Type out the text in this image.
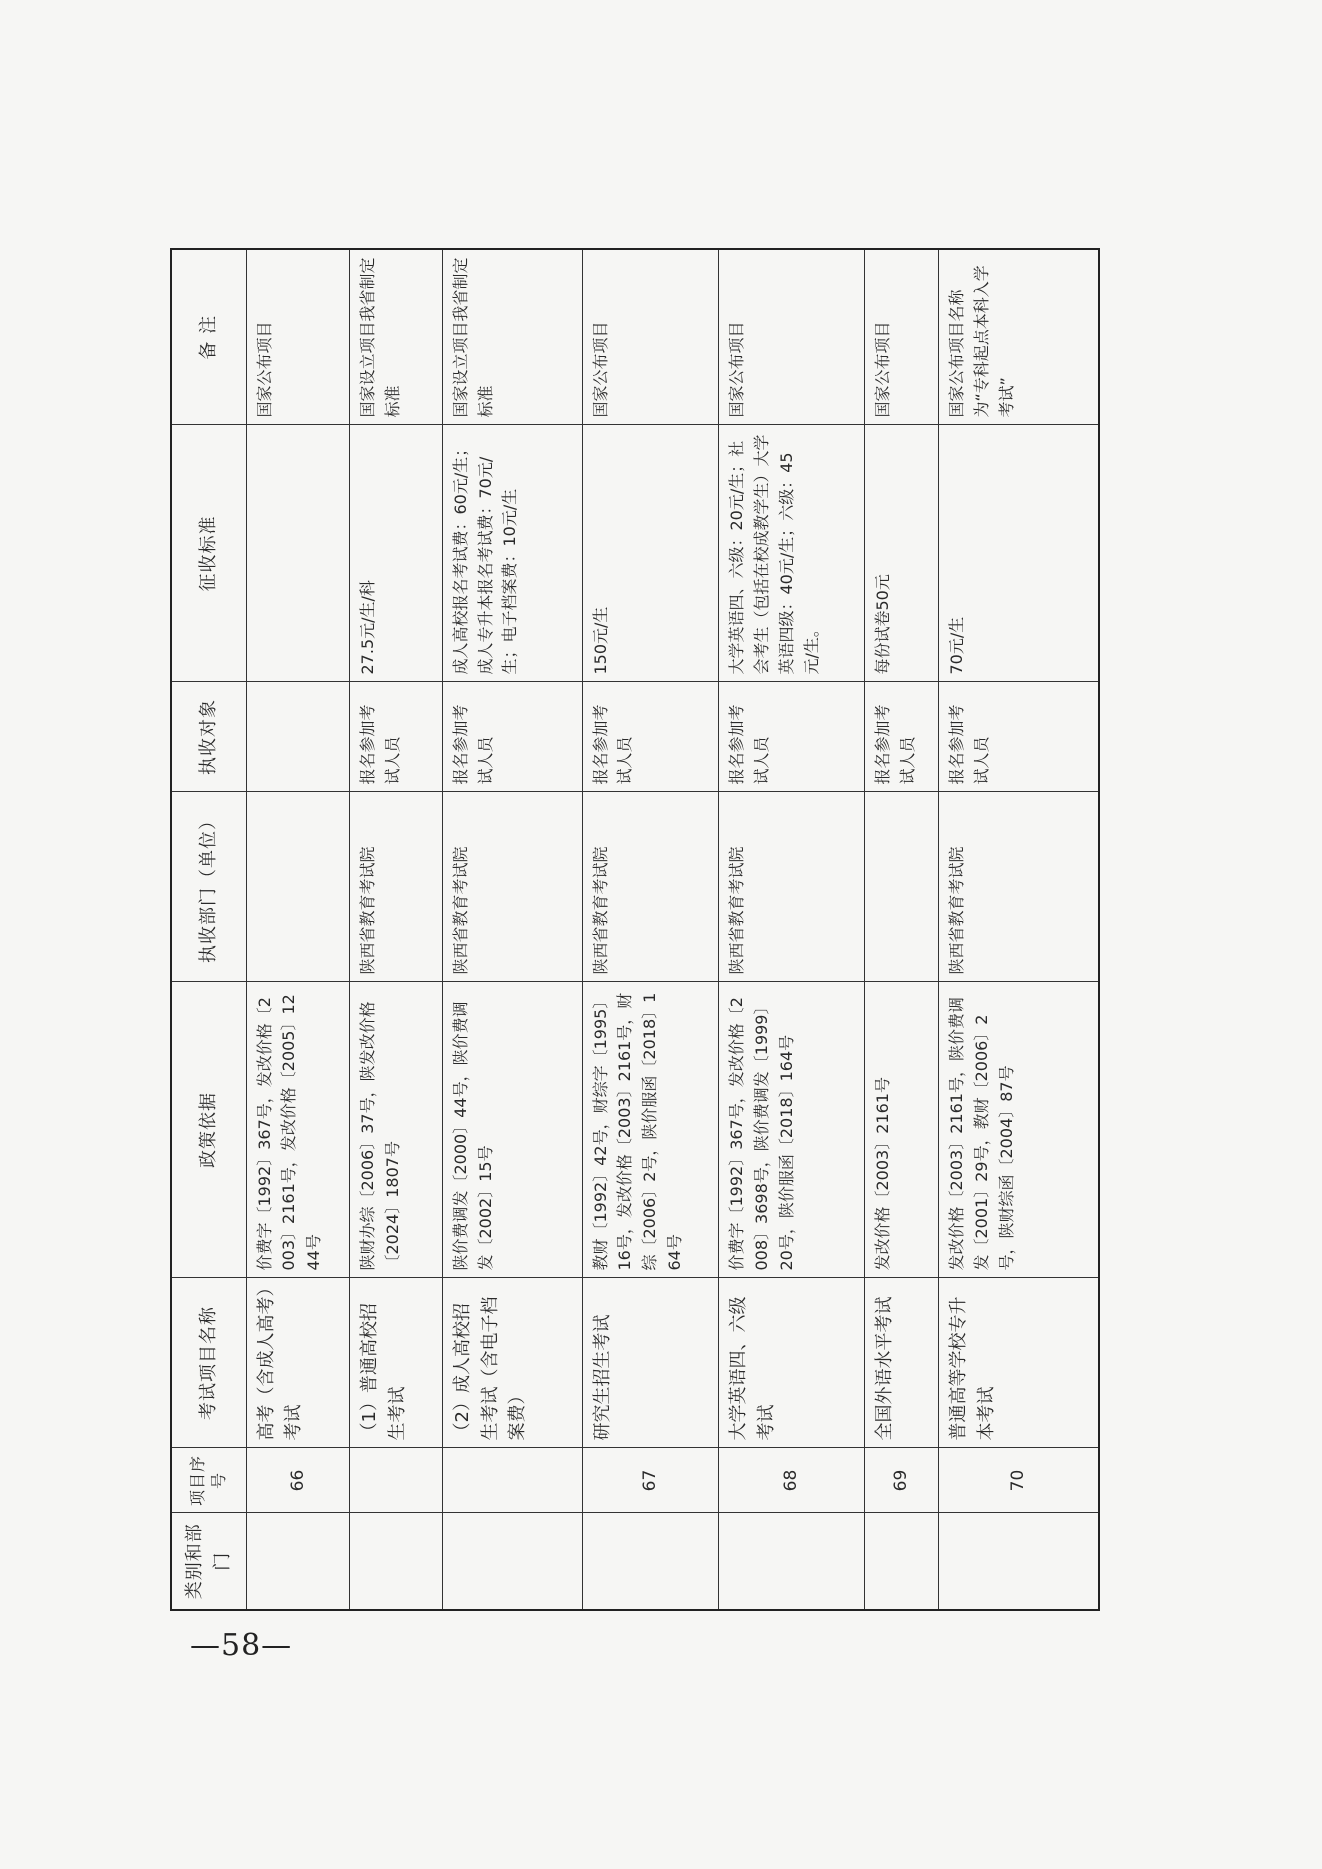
类别和部门	项目序号	考试项目名称	政策依据	执收部门（单位）	执收对象	征收标准	备 注
	66	高考（含成人高考）考试	价费字〔1992〕367号，发改价格〔2003〕2161号，发改价格〔2005〕1244号				国家公布项目
		（1）普通高校招生考试	陕财办综〔2006〕37号，陕发改价格〔2024〕1807号	陕西省教育考试院	报名参加考试人员	27.5元/生/科	国家设立项目我省制定标准
		（2）成人高校招生考试（含电子档案费）	陕价费调发〔2000〕44号，陕价费调发〔2002〕15号	陕西省教育考试院	报名参加考试人员	成人高校报名考试费：60元/生；成人专升本报名考试费：70元/生；电子档案费：10元/生	国家设立项目我省制定标准
	67	研究生招生考试	教财〔1992〕42号，财综字〔1995〕16号，发改价格〔2003〕2161号，财综〔2006〕2号，陕价服函〔2018〕164号	陕西省教育考试院	报名参加考试人员	150元/生	国家公布项目
	68	大学英语四、六级考试	价费字〔1992〕367号，发改价格〔2008〕3698号，陕价费调发〔1999〕20号，陕价服函〔2018〕164号	陕西省教育考试院	报名参加考试人员	大学英语四、六级：20元/生；社会考生（包括在校成教学生）大学英语四级：40元/生；六级：45元/生。	国家公布项目
	69	全国外语水平考试	发改价格〔2003〕2161号		报名参加考试人员	每份试卷50元	国家公布项目
	70	普通高等学校专升本考试	发改价格〔2003〕2161号，陕价费调发〔2001〕29号，教财〔2006〕2号，陕财综函〔2004〕87号	陕西省教育考试院	报名参加考试人员	70元/生	国家公布项目名称为“专科起点本科入学考试”
—58—
